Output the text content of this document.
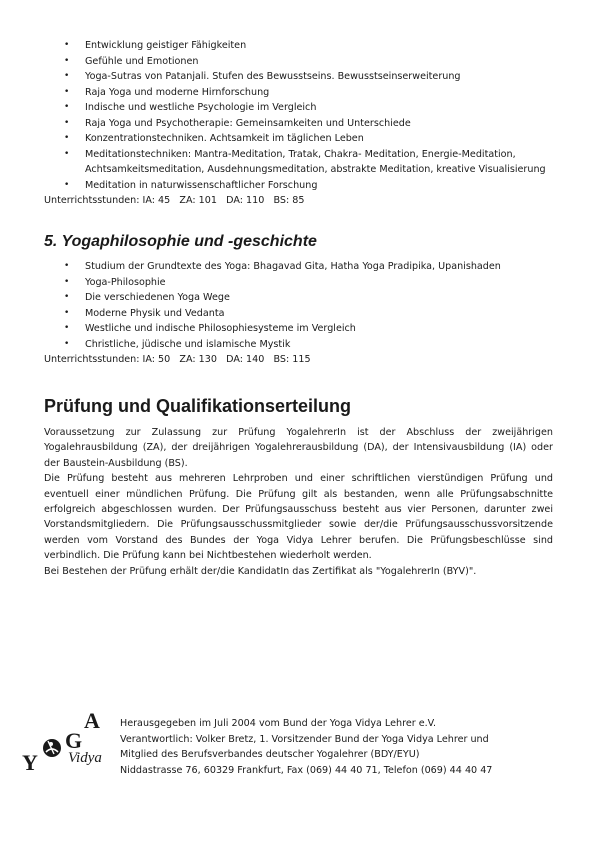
• Entwicklung geistiger Fähigkeiten
• Gefühle und Emotionen
• Yoga-Sutras von Patanjali. Stufen des Bewusstseins. Bewusstseinserweiterung
• Raja Yoga und moderne Hirnforschung
• Indische und westliche Psychologie im Vergleich
• Raja Yoga und Psychotherapie: Gemeinsamkeiten und Unterschiede
• Konzentrationstechniken. Achtsamkeit im täglichen Leben
• Meditationstechniken: Mantra-Meditation, Tratak, Chakra- Meditation, Energie-Meditation, Achtsamkeitsmeditation, Ausdehnungsmeditation, abstrakte Meditation, kreative Visualisierung
• Meditation in naturwissenschaftlicher Forschung
Unterrichtsstunden: IA: 45   ZA: 101   DA: 110   BS: 85
5. Yogaphilosophie und -geschichte
• Studium der Grundtexte des Yoga: Bhagavad Gita, Hatha Yoga Pradipika, Upanishaden
• Yoga-Philosophie
• Die verschiedenen Yoga Wege
• Moderne Physik und Vedanta
• Westliche und indische Philosophiesysteme im Vergleich
• Christliche, jüdische und islamische Mystik
Unterrichtsstunden: IA: 50   ZA: 130   DA: 140   BS: 115
Prüfung und Qualifikationserteilung

Voraussetzung zur Zulassung zur Prüfung YogalehrerIn ist der Abschluss der zweijährigen Yogalehrausbildung (ZA), der dreijährigen Yogalehrerausbildung (DA), der Intensivausbildung (IA) oder der Baustein-Ausbildung (BS).

Die Prüfung besteht aus mehreren Lehrproben und einer schriftlichen vierstündigen Prüfung und eventuell einer mündlichen Prüfung. Die Prüfung gilt als bestanden, wenn alle Prüfungsabschnitte erfolgreich abgeschlossen wurden. Der Prüfungsausschuss besteht aus vier Personen, darunter zwei Vorstandsmitgliedern. Die Prüfungsausschussmitglieder sowie der/die Prüfungsausschussvorsitzende werden vom Vorstand des Bundes der Yoga Vidya Lehrer berufen. Die Prüfungsbeschlüsse sind verbindlich. Die Prüfung kann bei Nichtbestehen wiederholt werden.

Bei Bestehen der Prüfung erhält der/die KandidatIn das Zertifikat als "YogalehrerIn (BYV)".

Y
G
A
Vidya
Herausgegeben im Juli 2004 vom Bund der Yoga Vidya Lehrer e.V.
Verantwortlich: Volker Bretz, 1. Vorsitzender Bund der Yoga Vidya Lehrer und
Mitglied des Berufsverbandes deutscher Yogalehrer (BDY/EYU)
Niddastrasse 76, 60329 Frankfurt, Fax (069) 44 40 71, Telefon (069) 44 40 47
